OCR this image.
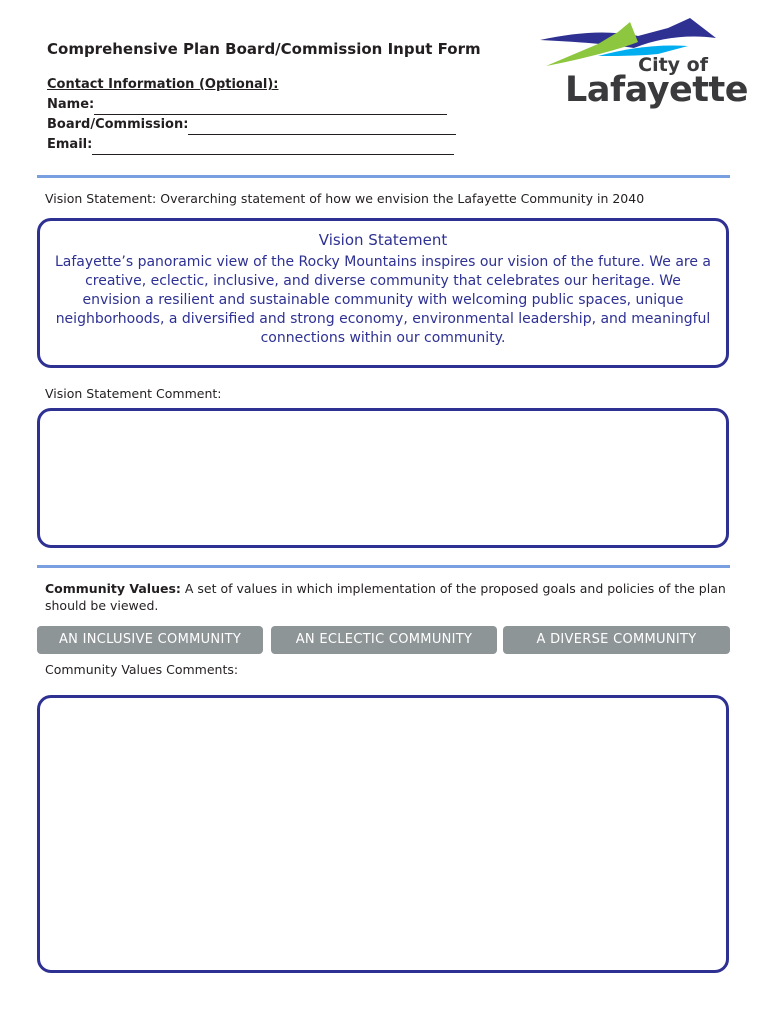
Comprehensive Plan Board/Commission Input Form
Contact Information (Optional):
Name:
Board/Commission:
Email:
City of
Lafayette
Vision Statement: Overarching statement of how we envision the Lafayette Community in 2040
Vision Statement
Lafayette’s panoramic view of the Rocky Mountains inspires our vision of the future. We are a creative, eclectic, inclusive, and diverse community that celebrates our heritage. We envision a resilient and sustainable community with welcoming public spaces, unique neighborhoods, a diversified and strong economy, environmental leadership, and meaningful connections within our community.
Vision Statement Comment:
Community Values: A set of values in which implementation of the proposed goals and policies of the plan should be viewed.
AN INCLUSIVE COMMUNITY	AN ECLECTIC COMMUNITY	A DIVERSE COMMUNITY
Community Values Comments:
